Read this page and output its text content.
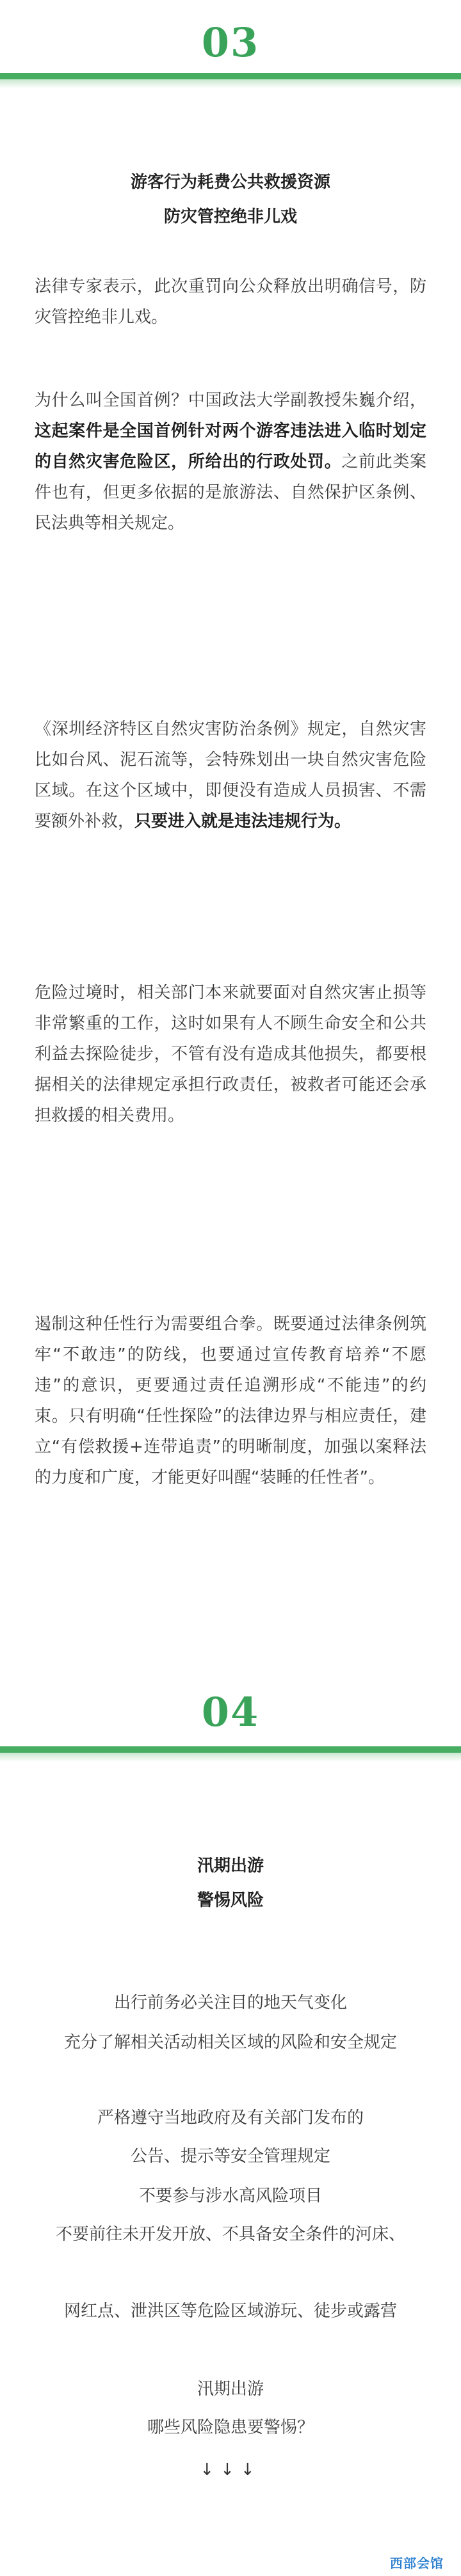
03
游客行为耗费公共救援资源
防灾管控绝非儿戏
法律专家表示，此次重罚向公众释放出明确信号，防灾管控绝非儿戏。
为什么叫全国首例？中国政法大学副教授朱巍介绍，这起案件是全国首例针对两个游客违法进入临时划定的自然灾害危险区，所给出的行政处罚。之前此类案件也有，但更多依据的是旅游法、自然保护区条例、民法典等相关规定。
《深圳经济特区自然灾害防治条例》规定，自然灾害比如台风、泥石流等，会特殊划出一块自然灾害危险区域。在这个区域中，即便没有造成人员损害、不需要额外补救，只要进入就是违法违规行为。
危险过境时，相关部门本来就要面对自然灾害止损等非常繁重的工作，这时如果有人不顾生命安全和公共利益去探险徒步，不管有没有造成其他损失，都要根据相关的法律规定承担行政责任，被救者可能还会承担救援的相关费用。
遏制这种任性行为需要组合拳。既要通过法律条例筑牢“不敢违”的防线，也要通过宣传教育培养“不愿违”的意识，更要通过责任追溯形成“不能违”的约束。只有明确“任性探险”的法律边界与相应责任，建立“有偿救援+连带追责”的明晰制度，加强以案释法的力度和广度，才能更好叫醒“装睡的任性者”。
04
汛期出游
警惕风险
出行前务必关注目的地天气变化
充分了解相关活动相关区域的风险和安全规定
严格遵守当地政府及有关部门发布的
公告、提示等安全管理规定
不要参与涉水高风险项目
不要前往未开发开放、不具备安全条件的河床、
网红点、泄洪区等危险区域游玩、徒步或露营
汛期出游
哪些风险隐患要警惕？
↓↓↓
西部会馆
